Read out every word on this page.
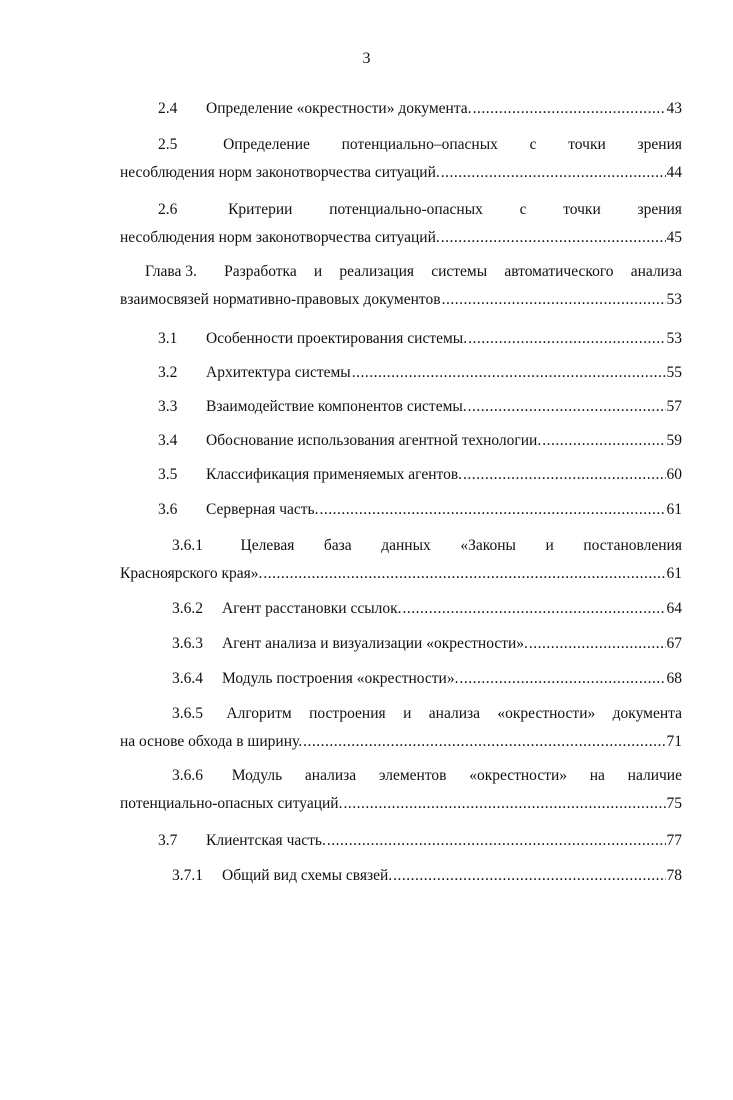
3
2.4	Определение «окрестности» документа. .....	43
2.5	Определение потенциально–опасных с точки зрения
несоблюдения норм законотворчества ситуаций. .....	44
2.6	Критерии потенциально-опасных с точки зрения
несоблюдения норм законотворчества ситуаций. .....	45
Глава 3. Разработка и реализация системы автоматического анализа
взаимосвязей нормативно-правовых документов .....	53
3.1	Особенности проектирования системы. .....	53
3.2	Архитектура системы .....	55
3.3	Взаимодействие компонентов системы. .....	57
3.4	Обоснование использования агентной технологии. .....	59
3.5	Классификация применяемых агентов. .....	60
3.6	Серверная часть. .....	61
3.6.1 Целевая база данных «Законы и постановления
Красноярского края». .....	61
3.6.2	Агент расстановки ссылок. .....	64
3.6.3	Агент анализа и визуализации «окрестности». .....	67
3.6.4	Модуль построения «окрестности». .....	68
3.6.5 Алгоритм построения и анализа «окрестности» документа
на основе обхода в ширину. .....	71
3.6.6 Модуль анализа элементов «окрестности» на наличие
потенциально-опасных ситуаций. .....	75
3.7	Клиентская часть. .....	77
3.7.1	Общий вид схемы связей. .....	78
